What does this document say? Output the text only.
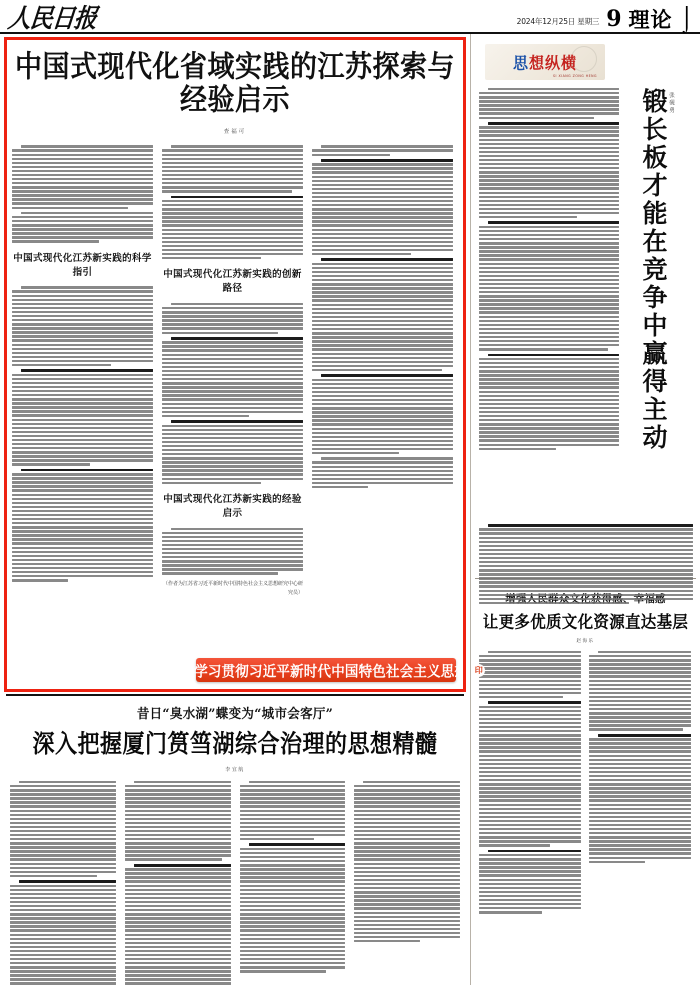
人民日报	2024年12月25日 星期三 9 理论 ⌡
中国式现代化省域实践的江苏探索与经验启示
查福可
中国式现代化江苏新实践的科学指引	中国式现代化江苏新实践的创新路径
中国式现代化江苏新实践的经验启示
（作者为江苏省习近平新时代中国特色社会主义思想研究中心研究员）
深入学习贯彻习近平新时代中国特色社会主义思想 印
昔日“臭水湖”蝶变为“城市会客厅”
深入把握厦门筼筜湖综合治理的思想精髓
李宜航
思想纵横
SI XIANG ZONG HENG
锻长板才能在竞争中赢得主动 张砚勇
让更多优质文化资源直达基层
赵海乐
